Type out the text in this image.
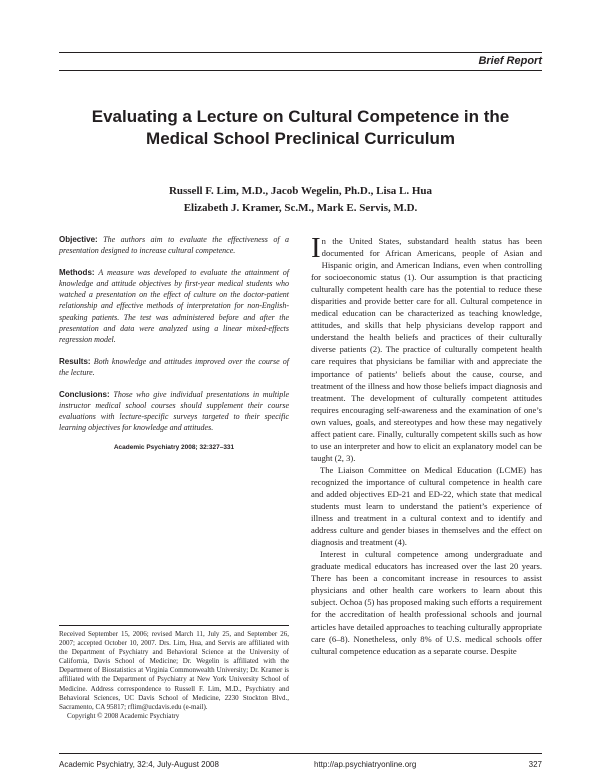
Brief Report
Evaluating a Lecture on Cultural Competence in the
Medical School Preclinical Curriculum
Russell F. Lim, M.D., Jacob Wegelin, Ph.D., Lisa L. Hua
Elizabeth J. Kramer, Sc.M., Mark E. Servis, M.D.

Objective: The authors aim to evaluate the effectiveness of a presentation designed to increase cultural competence.

Methods: A measure was developed to evaluate the attainment of knowledge and attitude objectives by first-year medical students who watched a presentation on the effect of culture on the doctor-patient relationship and effective methods of interpretation for non-English-speaking patients. The test was administered before and after the presentation and data were analyzed using a linear mixed-effects regression model.

Results: Both knowledge and attitudes improved over the course of the lecture.

Conclusions: Those who give individual presentations in multiple instructor medical school courses should supplement their course evaluations with lecture-specific surveys targeted to their specific learning objectives for knowledge and attitudes.

Academic Psychiatry 2008; 32:327–331
Received September 15, 2006; revised March 11, July 25, and September 26, 2007; accepted October 10, 2007. Drs. Lim, Hua, and Servis are affiliated with the Department of Psychiatry and Behavioral Science at the University of California, Davis School of Medicine; Dr. Wegelin is affiliated with the Department of Biostatistics at Virginia Commonwealth University; Dr. Kramer is affiliated with the Department of Psychiatry at New York University School of Medicine. Address correspondence to Russell F. Lim, M.D., Psychiatry and Behavioral Sciences, UC Davis School of Medicine, 2230 Stockton Blvd., Sacramento, CA 95817; rflim@ucdavis.edu (e-mail).
Copyright © 2008 Academic Psychiatry

In the United States, substandard health status has been documented for African Americans, people of Asian and Hispanic origin, and American Indians, even when controlling for socioeconomic status (1). Our assumption is that practicing culturally competent health care has the potential to reduce these disparities and provide better care for all. Cultural competence in medical education can be characterized as teaching knowledge, attitudes, and skills that help physicians develop rapport and understand the health beliefs and practices of their culturally diverse patients (2). The practice of culturally competent health care requires that physicians be familiar with and appreciate the importance of patients’ beliefs about the cause, course, and treatment of the illness and how those beliefs impact diagnosis and treatment. The development of culturally competent attitudes requires encouraging self-awareness and the examination of one’s own values, goals, and stereotypes and how these may negatively affect patient care. Finally, culturally competent skills such as how to use an interpreter and how to elicit an explanatory model can be taught (2, 3).

The Liaison Committee on Medical Education (LCME) has recognized the importance of cultural competence in health care and added objectives ED-21 and ED-22, which state that medical students must learn to understand the patient’s experience of illness and treatment in a cultural context and to identify and address culture and gender biases in themselves and the effect on diagnosis and treatment (4).

Interest in cultural competence among undergraduate and graduate medical educators has increased over the last 20 years. There has been a concomitant increase in resources to assist physicians and other health care workers to learn about this subject. Ochoa (5) has proposed making such efforts a requirement for the accreditation of health professional schools and journal articles have detailed approaches to teaching culturally appropriate care (6–8). Nonetheless, only 8% of U.S. medical schools offer cultural competence education as a separate course. Despite

Academic Psychiatry, 32:4, July-August 2008	http://ap.psychiatryonline.org	327
